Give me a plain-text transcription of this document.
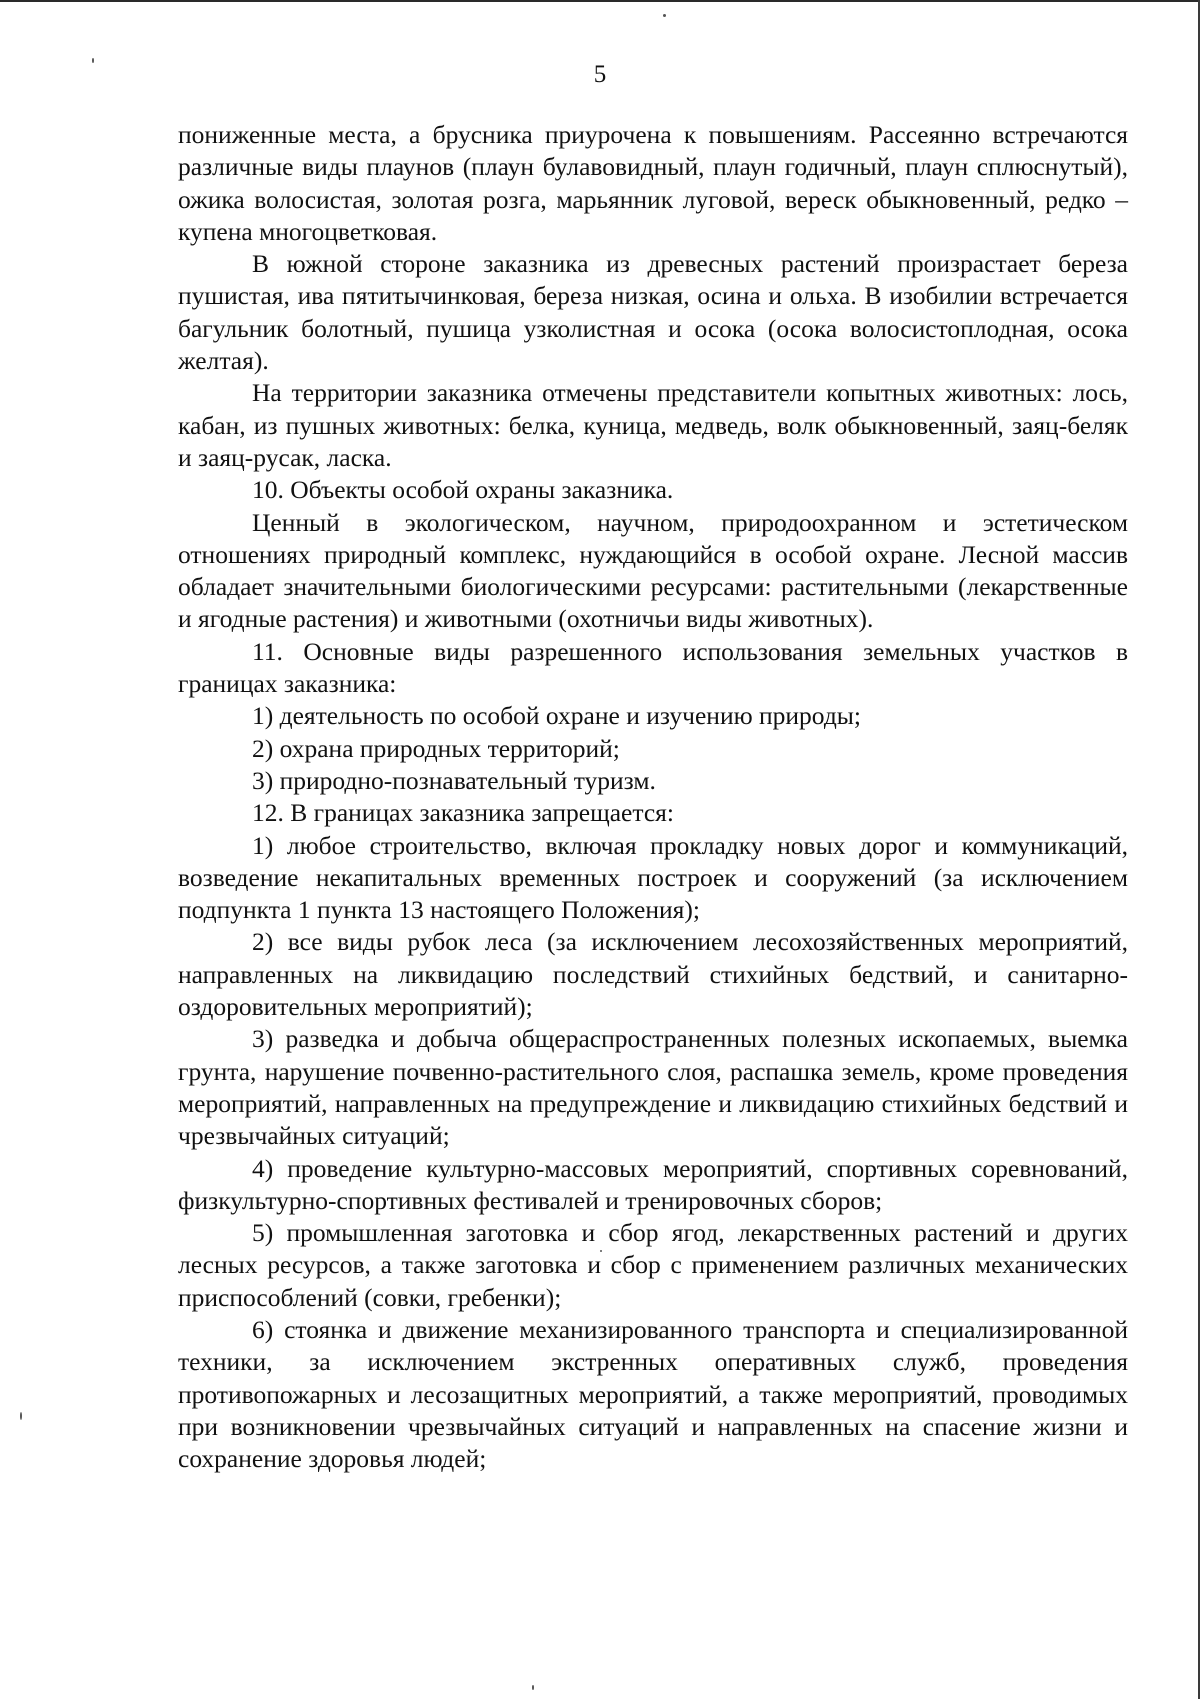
5

пониженные места, а брусника приурочена к повышениям. Рассеянно встречаются различные виды плаунов (плаун булавовидный, плаун годичный, плаун сплюснутый), ожика волосистая, золотая розга, марьянник луговой, вереск обыкновенный, редко – купена многоцветковая.

В южной стороне заказника из древесных растений произрастает береза пушистая, ива пятитычинковая, береза низкая, осина и ольха. В изобилии встречается багульник болотный, пушица узколистная и осока (осока волосистоплодная, осока желтая).

На территории заказника отмечены представители копытных животных: лось, кабан, из пушных животных: белка, куница, медведь, волк обыкновенный, заяц-беляк и заяц-русак, ласка.

10. Объекты особой охраны заказника.

Ценный в экологическом, научном, природоохранном и эстетическом отношениях природный комплекс, нуждающийся в особой охране. Лесной массив обладает значительными биологическими ресурсами: растительными (лекарственные и ягодные растения) и животными (охотничьи виды животных).

11. Основные виды разрешенного использования земельных участков в границах заказника:

1) деятельность по особой охране и изучению природы;

2) охрана природных территорий;

3) природно-познавательный туризм.

12. В границах заказника запрещается:

1) любое строительство, включая прокладку новых дорог и коммуникаций, возведение некапитальных временных построек и сооружений (за исключением подпункта 1 пункта 13 настоящего Положения);

2) все виды рубок леса (за исключением лесохозяйственных мероприятий, направленных на ликвидацию последствий стихийных бедствий, и санитарно-оздоровительных мероприятий);

3) разведка и добыча общераспространенных полезных ископаемых, выемка грунта, нарушение почвенно-растительного слоя, распашка земель, кроме проведения мероприятий, направленных на предупреждение и ликвидацию стихийных бедствий и чрезвычайных ситуаций;

4) проведение культурно-массовых мероприятий, спортивных соревнований, физкультурно-спортивных фестивалей и тренировочных сборов;

5) промышленная заготовка и сбор ягод, лекарственных растений и других лесных ресурсов, а также заготовка и сбор с применением различных механических приспособлений (совки, гребенки);

6) стоянка и движение механизированного транспорта и специализированной техники, за исключением экстренных оперативных служб, проведения противопожарных и лесозащитных мероприятий, а также мероприятий, проводимых при возникновении чрезвычайных ситуаций и направленных на спасение жизни и сохранение здоровья людей;
